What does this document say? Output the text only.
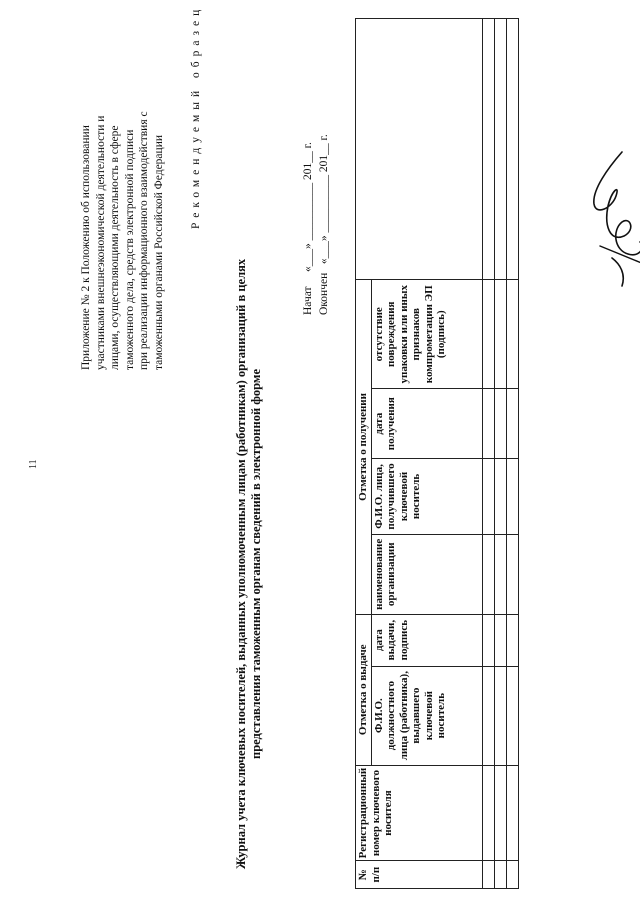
11
Приложение № 2 к Положению об использовании участниками внешнеэкономической деятельности и лицами, осуществляющими деятельность в сфере таможенного дела, средств электронной подписи при реализации информационного взаимодействия с таможенными органами Российской Федерации
Рекомендуемый образец
Журнал учета ключевых носителей, выданных уполномоченным лицам (работникам) организаций в целях представления таможенным органам сведений в электронной форме
Начат     «___» __________ 201__ г.
Окончен   «___» __________ 201__ г.
№ п/п	Регистрационный номер ключевого носителя	Отметка о выдаче		Отметка о получении				
		Ф.И.О. должностного лица (работника), выдавшего ключевой носитель	дата выдачи, подпись	наименование организации	Ф.И.О. лица, получившего ключевой носитель	дата получения	отсутствие повреждения упаковки или иных признаков компрометации ЭП (подпись)	
